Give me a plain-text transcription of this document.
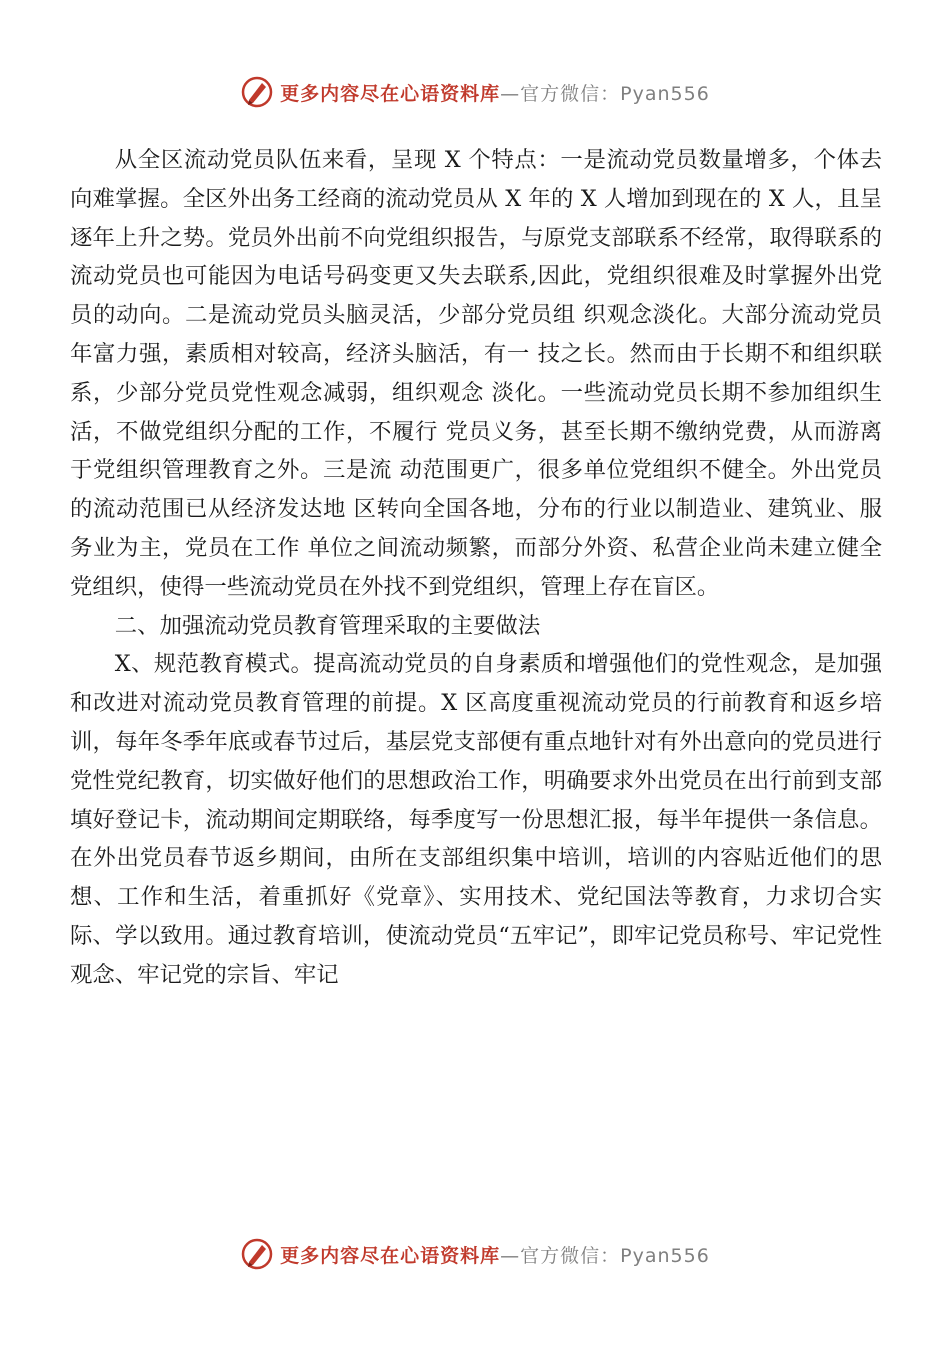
更多内容尽在心语资料库—官方微信：Pyan556

从全区流动党员队伍来看，呈现 X 个特点：一是流动党员数量增多，个体去向难掌握。全区外出务工经商的流动党员从 X 年的 X 人增加到现在的 X 人，且呈逐年上升之势。党员外出前不向党组织报告，与原党支部联系不经常，取得联系的流动党员也可能因为电话号码变更又失去联系,因此，党组织很难及时掌握外出党员的动向。二是流动党员头脑灵活，少部分党员组 织观念淡化。大部分流动党员年富力强，素质相对较高，经济头脑活，有一 技之长。然而由于长期不和组织联系，少部分党员党性观念减弱，组织观念 淡化。一些流动党员长期不参加组织生活，不做党组织分配的工作，不履行 党员义务，甚至长期不缴纳党费，从而游离于党组织管理教育之外。三是流 动范围更广，很多单位党组织不健全。外出党员的流动范围已从经济发达地 区转向全国各地，分布的行业以制造业、建筑业、服务业为主，党员在工作 单位之间流动频繁，而部分外资、私营企业尚未建立健全党组织，使得一些流动党员在外找不到党组织，管理上存在盲区。

二、加强流动党员教育管理采取的主要做法

X、规范教育模式。提高流动党员的自身素质和增强他们的党性观念，是加强和改进对流动党员教育管理的前提。X 区高度重视流动党员的行前教育和返乡培训，每年冬季年底或春节过后，基层党支部便有重点地针对有外出意向的党员进行党性党纪教育，切实做好他们的思想政治工作，明确要求外出党员在出行前到支部填好登记卡，流动期间定期联络，每季度写一份思想汇报，每半年提供一条信息。在外出党员春节返乡期间，由所在支部组织集中培训，培训的内容贴近他们的思想、工作和生活，着重抓好《党章》、实用技术、党纪国法等教育，力求切合实际、学以致用。通过教育培训，使流动党员“五牢记”，即牢记党员称号、牢记党性观念、牢记党的宗旨、牢记

更多内容尽在心语资料库—官方微信：Pyan556
